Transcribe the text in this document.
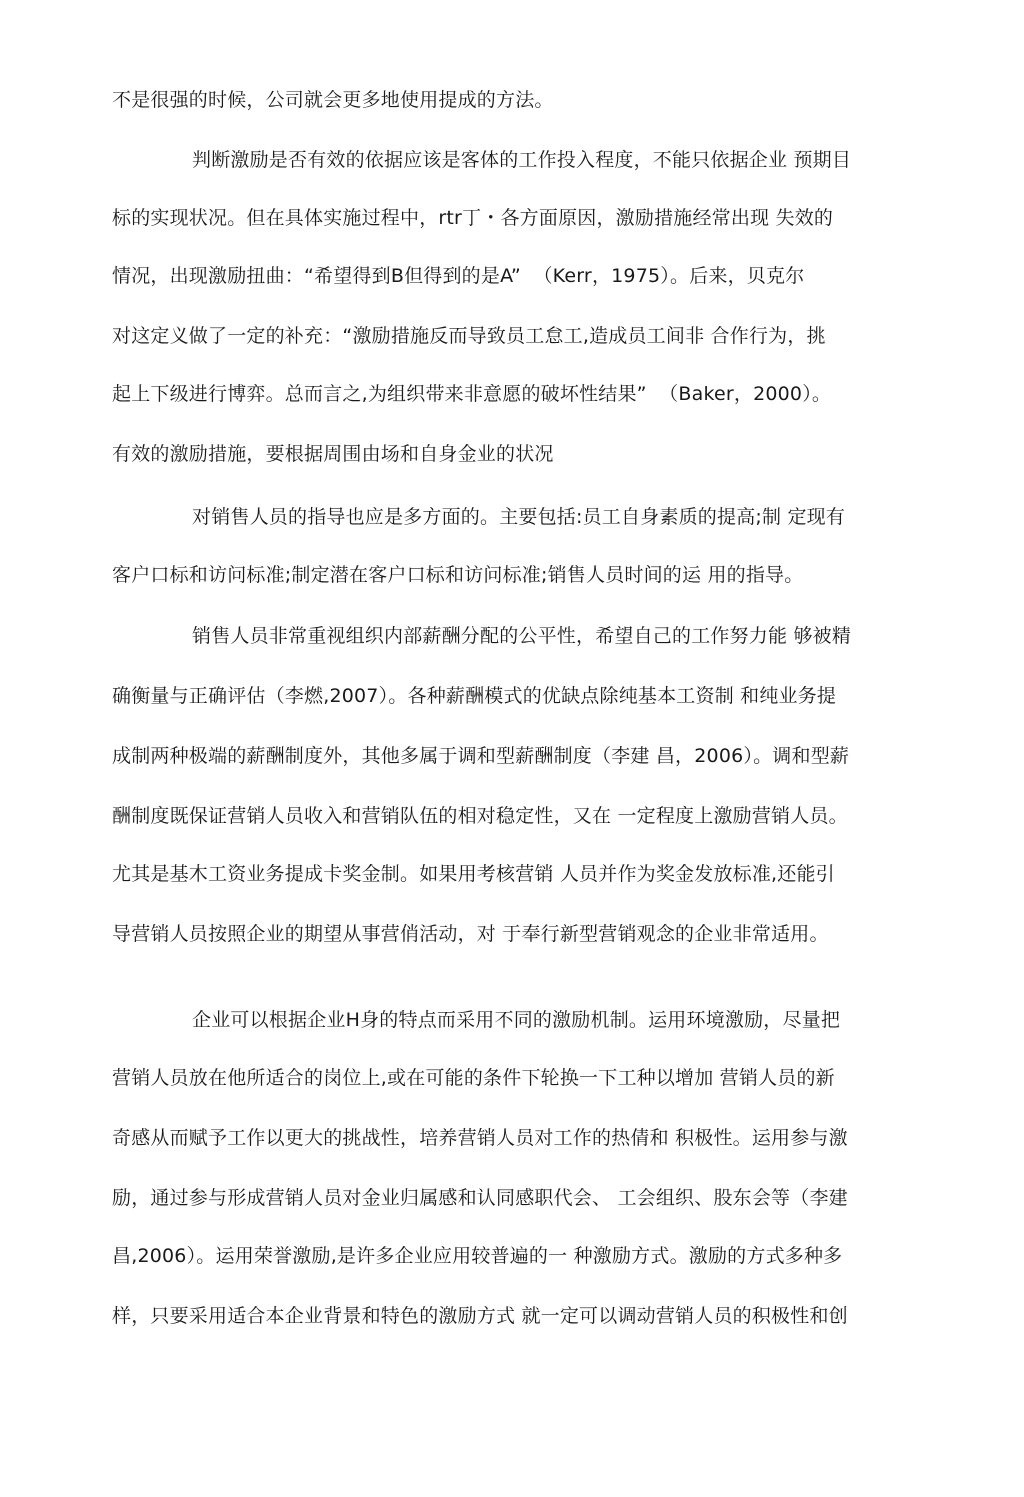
不是很强的时候，公司就会更多地使用提成的方法。
判断激励是否有效的依据应该是客体的工作投入程度，不能只依据企业 预期目
标的实现状况。但在具体实施过程中，rtr丁・各方面原因，激励措施经常出现 失效的
情况，出现激励扭曲：“希望得到B但得到的是A”  （Kerr，1975）。后来，贝克尔
对这定义做了一定的补充：“激励措施反而导致员工怠工,造成员工间非 合作行为，挑
起上下级进行博弈。总而言之,为组织带来非意愿的破坏性结果”  （Baker，2000）。
有效的激励措施，要根据周围由场和自身金业的状况
对销售人员的指导也应是多方面的。主要包括:员工自身素质的提高;制 定现有
客户口标和访问标准;制定潜在客户口标和访问标准;销售人员时间的运 用的指导。
销售人员非常重视组织内部薪酬分配的公平性，希望自己的工作努力能 够被精
确衡量与正确评估（李燃,2007）。各种薪酬模式的优缺点除纯基本工资制 和纯业务提
成制两种极端的薪酬制度外，其他多属于调和型薪酬制度（李建 昌，2006）。调和型薪
酬制度既保证营销人员收入和营销队伍的相对稳定性，又在 一定程度上激励营销人员。
尤其是基木工资业务提成卡奖金制。如果用考核营销 人员并作为奖金发放标准,还能引
导营销人员按照企业的期望从事营俏活动，对 于奉行新型营销观念的企业非常适用。
企业可以根据企业H身的特点而采用不同的激励机制。运用环境激励，尽量把
营销人员放在他所适合的岗位上,或在可能的条件下轮换一下工种以增加 营销人员的新
奇感从而赋予工作以更大的挑战性，培养营销人员对工作的热倩和 积极性。运用参与激
励，通过参与形成营销人员对金业归属感和认同感职代会、 工会组织、股东会等（李建
昌,2006）。运用荣誉激励,是许多企业应用较普遍的一 种激励方式。激励的方式多种多
样，只要采用适合本企业背景和特色的激励方式 就一定可以调动营销人员的积极性和创
